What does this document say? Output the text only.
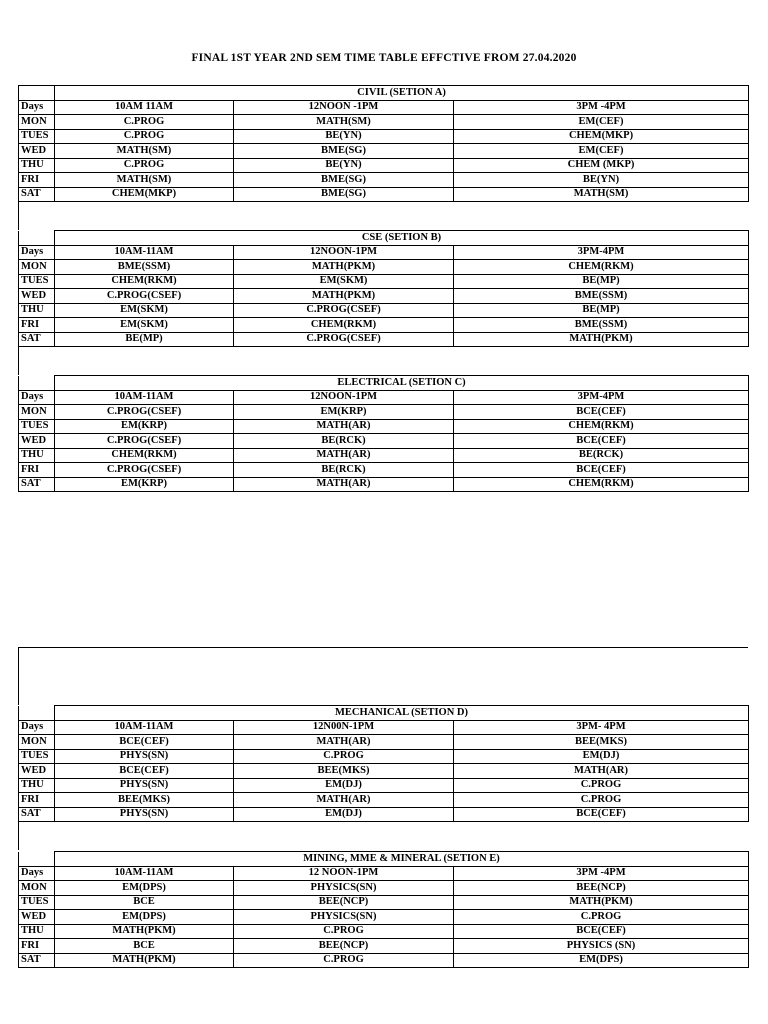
FINAL 1ST YEAR 2ND SEM TIME TABLE EFFCTIVE FROM 27.04.2020
	CIVIL (SETION A)		
Days	10AM 11AM	12NOON -1PM	3PM -4PM
MON	C.PROG	MATH(SM)	EM(CEF)
TUES	C.PROG	BE(YN)	CHEM(MKP)
WED	MATH(SM)	BME(SG)	EM(CEF)
THU	C.PROG	BE(YN)	CHEM (MKP)
FRI	MATH(SM)	BME(SG)	BE(YN)
SAT	CHEM(MKP)	BME(SG)	MATH(SM)
	CSE (SETION B)		
Days	10AM-11AM	12NOON-1PM	3PM-4PM
MON	BME(SSM)	MATH(PKM)	CHEM(RKM)
TUES	CHEM(RKM)	EM(SKM)	BE(MP)
WED	C.PROG(CSEF)	MATH(PKM)	BME(SSM)
THU	EM(SKM)	C.PROG(CSEF)	BE(MP)
FRI	EM(SKM)	CHEM(RKM)	BME(SSM)
SAT	BE(MP)	C.PROG(CSEF)	MATH(PKM)
	ELECTRICAL (SETION C)		
Days	10AM-11AM	12NOON-1PM	3PM-4PM
MON	C.PROG(CSEF)	EM(KRP)	BCE(CEF)
TUES	EM(KRP)	MATH(AR)	CHEM(RKM)
WED	C.PROG(CSEF)	BE(RCK)	BCE(CEF)
THU	CHEM(RKM)	MATH(AR)	BE(RCK)
FRI	C.PROG(CSEF)	BE(RCK)	BCE(CEF)
SAT	EM(KRP)	MATH(AR)	CHEM(RKM)
	MECHANICAL (SETION D)		
Days	10AM-11AM	12N00N-1PM	3PM- 4PM
MON	BCE(CEF)	MATH(AR)	BEE(MKS)
TUES	PHYS(SN)	C.PROG	EM(DJ)
WED	BCE(CEF)	BEE(MKS)	MATH(AR)
THU	PHYS(SN)	EM(DJ)	C.PROG
FRI	BEE(MKS)	MATH(AR)	C.PROG
SAT	PHYS(SN)	EM(DJ)	BCE(CEF)
	MINING, MME & MINERAL (SETION E)		
Days	10AM-11AM	12 NOON-1PM	3PM -4PM
MON	EM(DPS)	PHYSICS(SN)	BEE(NCP)
TUES	BCE	BEE(NCP)	MATH(PKM)
WED	EM(DPS)	PHYSICS(SN)	C.PROG
THU	MATH(PKM)	C.PROG	BCE(CEF)
FRI	BCE	BEE(NCP)	PHYSICS (SN)
SAT	MATH(PKM)	C.PROG	EM(DPS)
